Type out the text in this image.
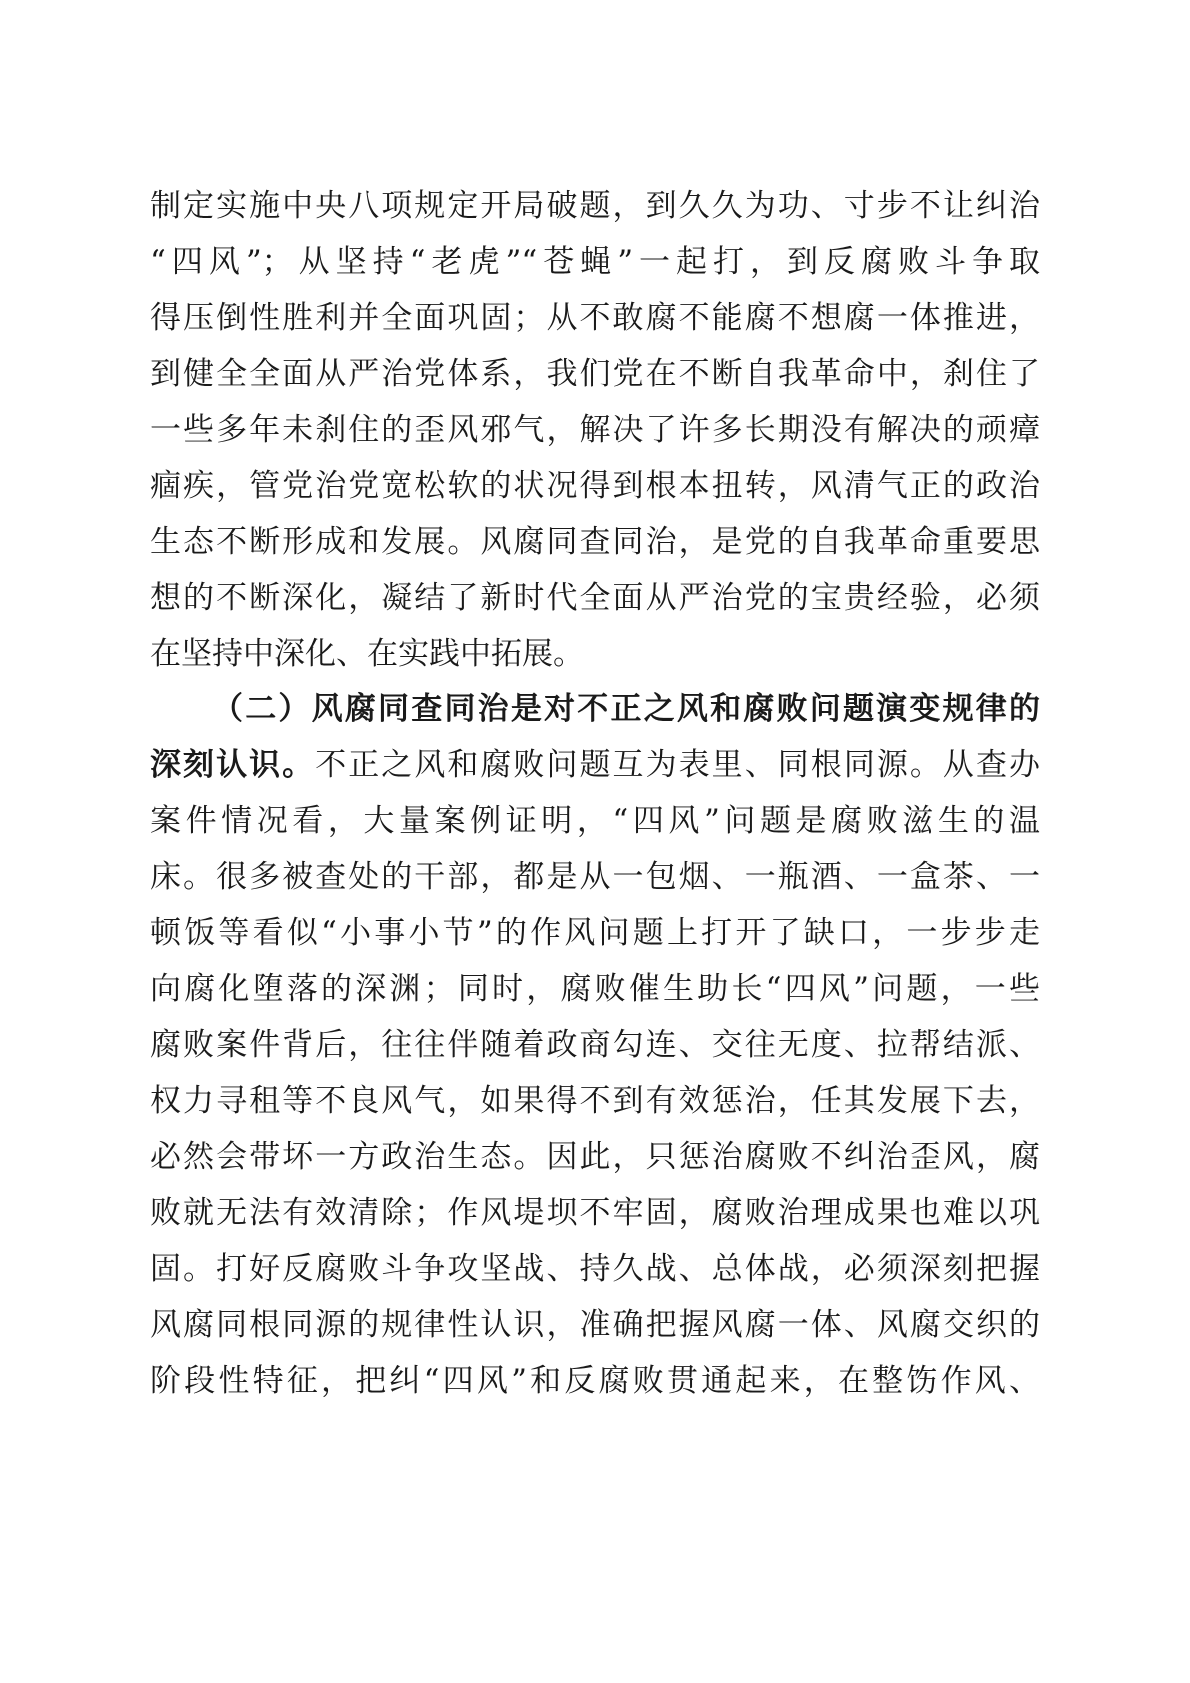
制定实施中央八项规定开局破题，到久久为功、寸步不让纠治
“四风”；从坚持“老虎”“苍蝇”一起打，到反腐败斗争取
得压倒性胜利并全面巩固；从不敢腐不能腐不想腐一体推进，
到健全全面从严治党体系，我们党在不断自我革命中，刹住了
一些多年未刹住的歪风邪气，解决了许多长期没有解决的顽瘴
痼疾，管党治党宽松软的状况得到根本扭转，风清气正的政治
生态不断形成和发展。风腐同查同治，是党的自我革命重要思
想的不断深化，凝结了新时代全面从严治党的宝贵经验，必须
在坚持中深化、在实践中拓展。
（二）风腐同查同治是对不正之风和腐败问题演变规律的
深刻认识。不正之风和腐败问题互为表里、同根同源。从查办
案件情况看，大量案例证明，“四风”问题是腐败滋生的温
床。很多被查处的干部，都是从一包烟、一瓶酒、一盒茶、一
顿饭等看似“小事小节”的作风问题上打开了缺口，一步步走
向腐化堕落的深渊；同时，腐败催生助长“四风”问题，一些
腐败案件背后，往往伴随着政商勾连、交往无度、拉帮结派、
权力寻租等不良风气，如果得不到有效惩治，任其发展下去，
必然会带坏一方政治生态。因此，只惩治腐败不纠治歪风，腐
败就无法有效清除；作风堤坝不牢固，腐败治理成果也难以巩
固。打好反腐败斗争攻坚战、持久战、总体战，必须深刻把握
风腐同根同源的规律性认识，准确把握风腐一体、风腐交织的
阶段性特征，把纠“四风”和反腐败贯通起来，在整饬作风、
